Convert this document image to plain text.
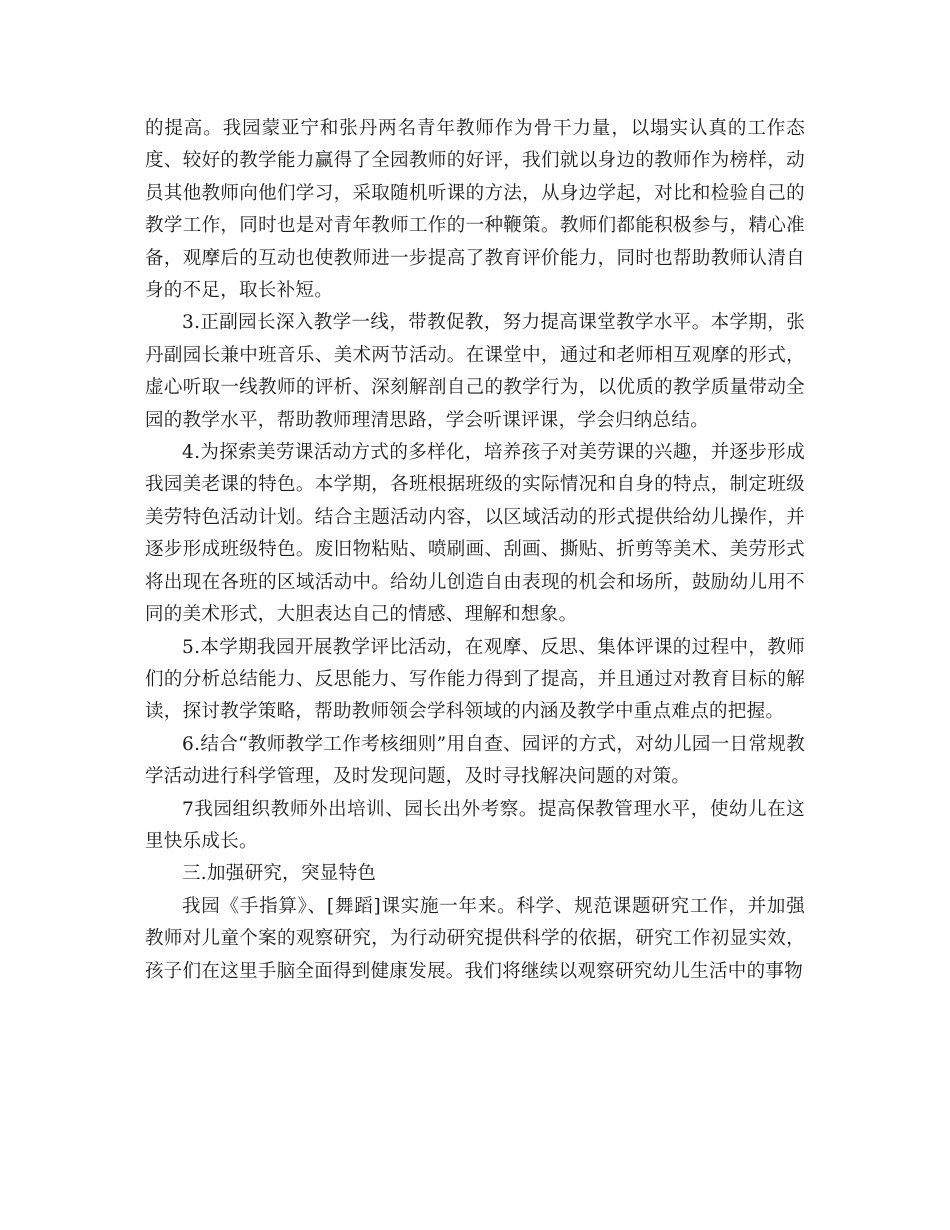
的提高。我园蒙亚宁和张丹两名青年教师作为骨干力量，以塌实认真的工作态度、较好的教学能力赢得了全园教师的好评，我们就以身边的教师作为榜样，动员其他教师向他们学习，采取随机听课的方法，从身边学起，对比和检验自己的教学工作，同时也是对青年教师工作的一种鞭策。教师们都能积极参与，精心准备，观摩后的互动也使教师进一步提高了教育评价能力，同时也帮助教师认清自身的不足，取长补短。

3.正副园长深入教学一线，带教促教，努力提高课堂教学水平。本学期，张丹副园长兼中班音乐、美术两节活动。在课堂中，通过和老师相互观摩的形式，虚心听取一线教师的评析、深刻解剖自己的教学行为，以优质的教学质量带动全园的教学水平，帮助教师理清思路，学会听课评课，学会归纳总结。

4.为探索美劳课活动方式的多样化，培养孩子对美劳课的兴趣，并逐步形成我园美老课的特色。本学期，各班根据班级的实际情况和自身的特点，制定班级美劳特色活动计划。结合主题活动内容，以区域活动的形式提供给幼儿操作，并逐步形成班级特色。废旧物粘贴、喷刷画、刮画、撕贴、折剪等美术、美劳形式将出现在各班的区域活动中。给幼儿创造自由表现的机会和场所，鼓励幼儿用不同的美术形式，大胆表达自己的情感、理解和想象。

5.本学期我园开展教学评比活动，在观摩、反思、集体评课的过程中，教师们的分析总结能力、反思能力、写作能力得到了提高，并且通过对教育目标的解读，探讨教学策略，帮助教师领会学科领域的内涵及教学中重点难点的把握。

6.结合“教师教学工作考核细则”用自查、园评的方式，对幼儿园一日常规教学活动进行科学管理，及时发现问题，及时寻找解决问题的对策。

7我园组织教师外出培训、园长出外考察。提高保教管理水平，使幼儿在这里快乐成长。

三.加强研究，突显特色

我园《手指算》、[舞蹈]课实施一年来。科学、规范课题研究工作，并加强教师对儿童个案的观察研究，为行动研究提供科学的依据，研究工作初显实效，孩子们在这里手脑全面得到健康发展。我们将继续以观察研究幼儿生活中的事物
